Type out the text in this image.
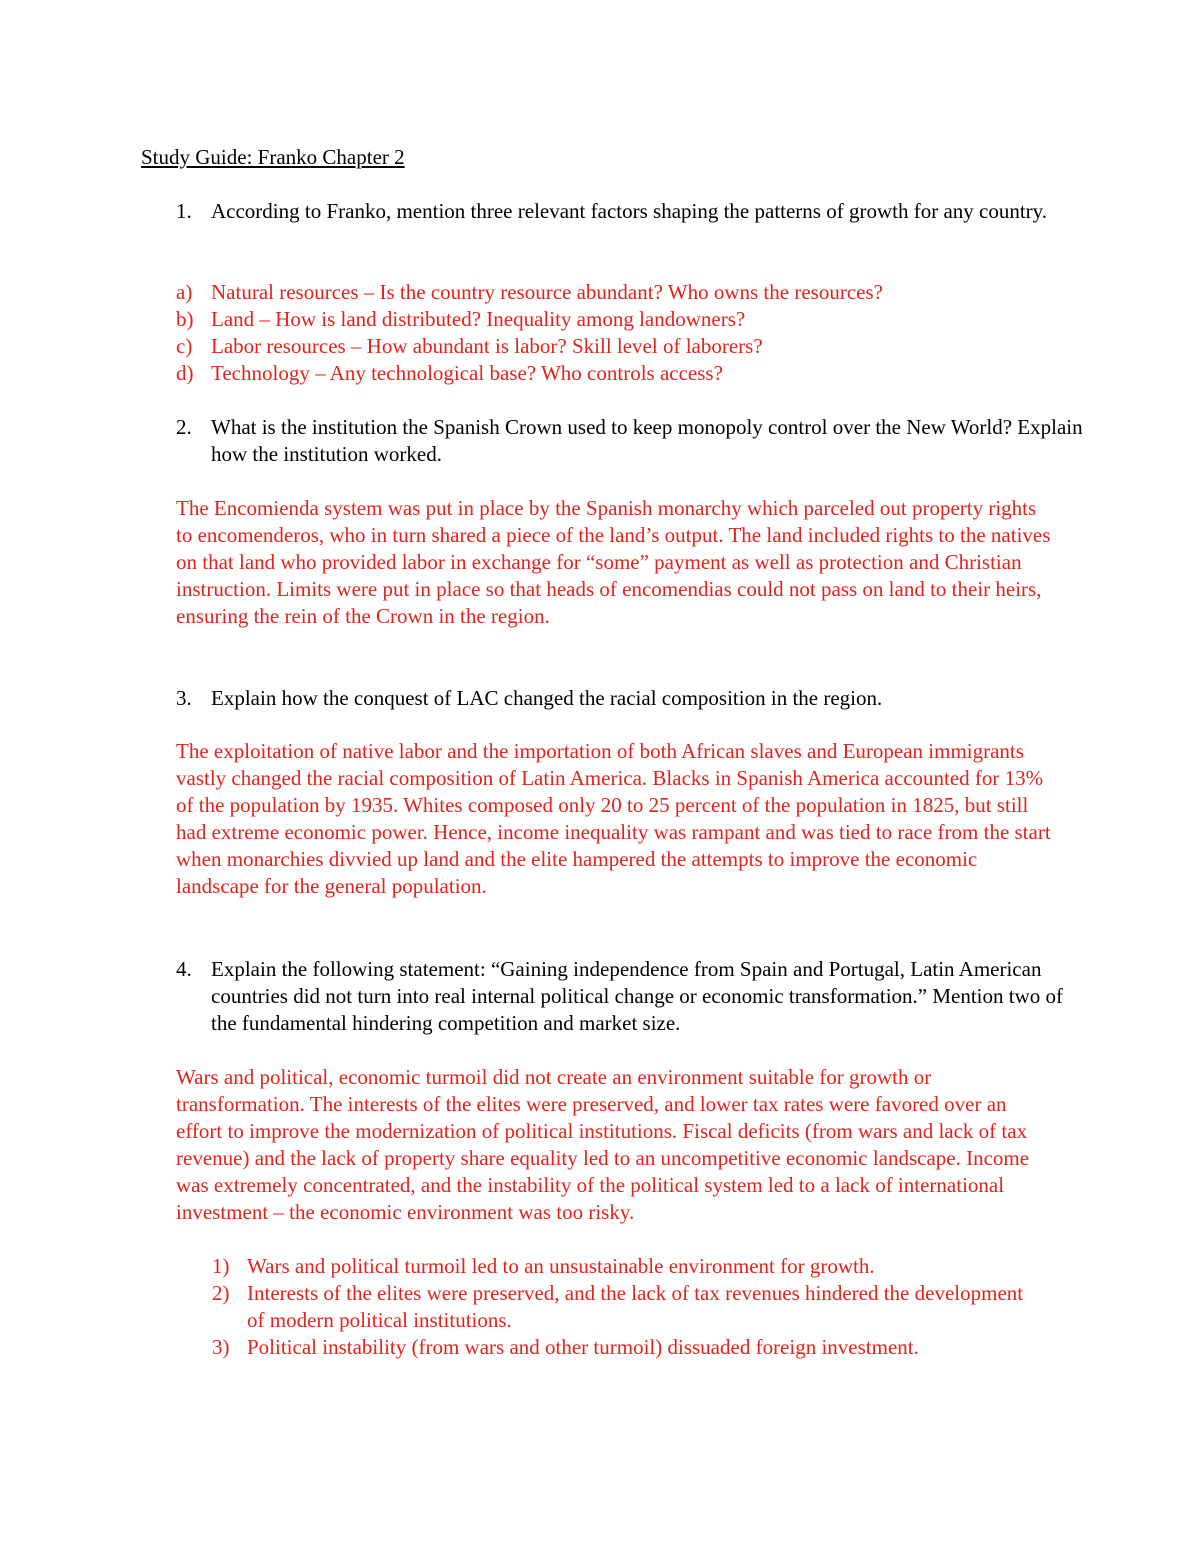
Study Guide: Franko Chapter 2

1. According to Franko, mention three relevant factors shaping the patterns of growth for any country.
a) Natural resources – Is the country resource abundant? Who owns the resources?
b) Land – How is land distributed? Inequality among landowners?
c) Labor resources – How abundant is labor? Skill level of laborers?
d) Technology – Any technological base? Who controls access?
2. What is the institution the Spanish Crown used to keep monopoly control over the New World? Explain how the institution worked.

The Encomienda system was put in place by the Spanish monarchy which parceled out property rights to encomenderos, who in turn shared a piece of the land’s output. The land included rights to the natives on that land who provided labor in exchange for “some” payment as well as protection and Christian instruction. Limits were put in place so that heads of encomendias could not pass on land to their heirs, ensuring the rein of the Crown in the region.

3. Explain how the conquest of LAC changed the racial composition in the region.

The exploitation of native labor and the importation of both African slaves and European immigrants vastly changed the racial composition of Latin America. Blacks in Spanish America accounted for 13% of the population by 1935. Whites composed only 20 to 25 percent of the population in 1825, but still had extreme economic power. Hence, income inequality was rampant and was tied to race from the start when monarchies divvied up land and the elite hampered the attempts to improve the economic landscape for the general population.

4. Explain the following statement: “Gaining independence from Spain and Portugal, Latin American countries did not turn into real internal political change or economic transformation.” Mention two of the fundamental hindering competition and market size.

Wars and political, economic turmoil did not create an environment suitable for growth or transformation. The interests of the elites were preserved, and lower tax rates were favored over an effort to improve the modernization of political institutions. Fiscal deficits (from wars and lack of tax revenue) and the lack of property share equality led to an uncompetitive economic landscape. Income was extremely concentrated, and the instability of the political system led to a lack of international investment – the economic environment was too risky.

1) Wars and political turmoil led to an unsustainable environment for growth.
2) Interests of the elites were preserved, and the lack of tax revenues hindered the development of modern political institutions.
3) Political instability (from wars and other turmoil) dissuaded foreign investment.
